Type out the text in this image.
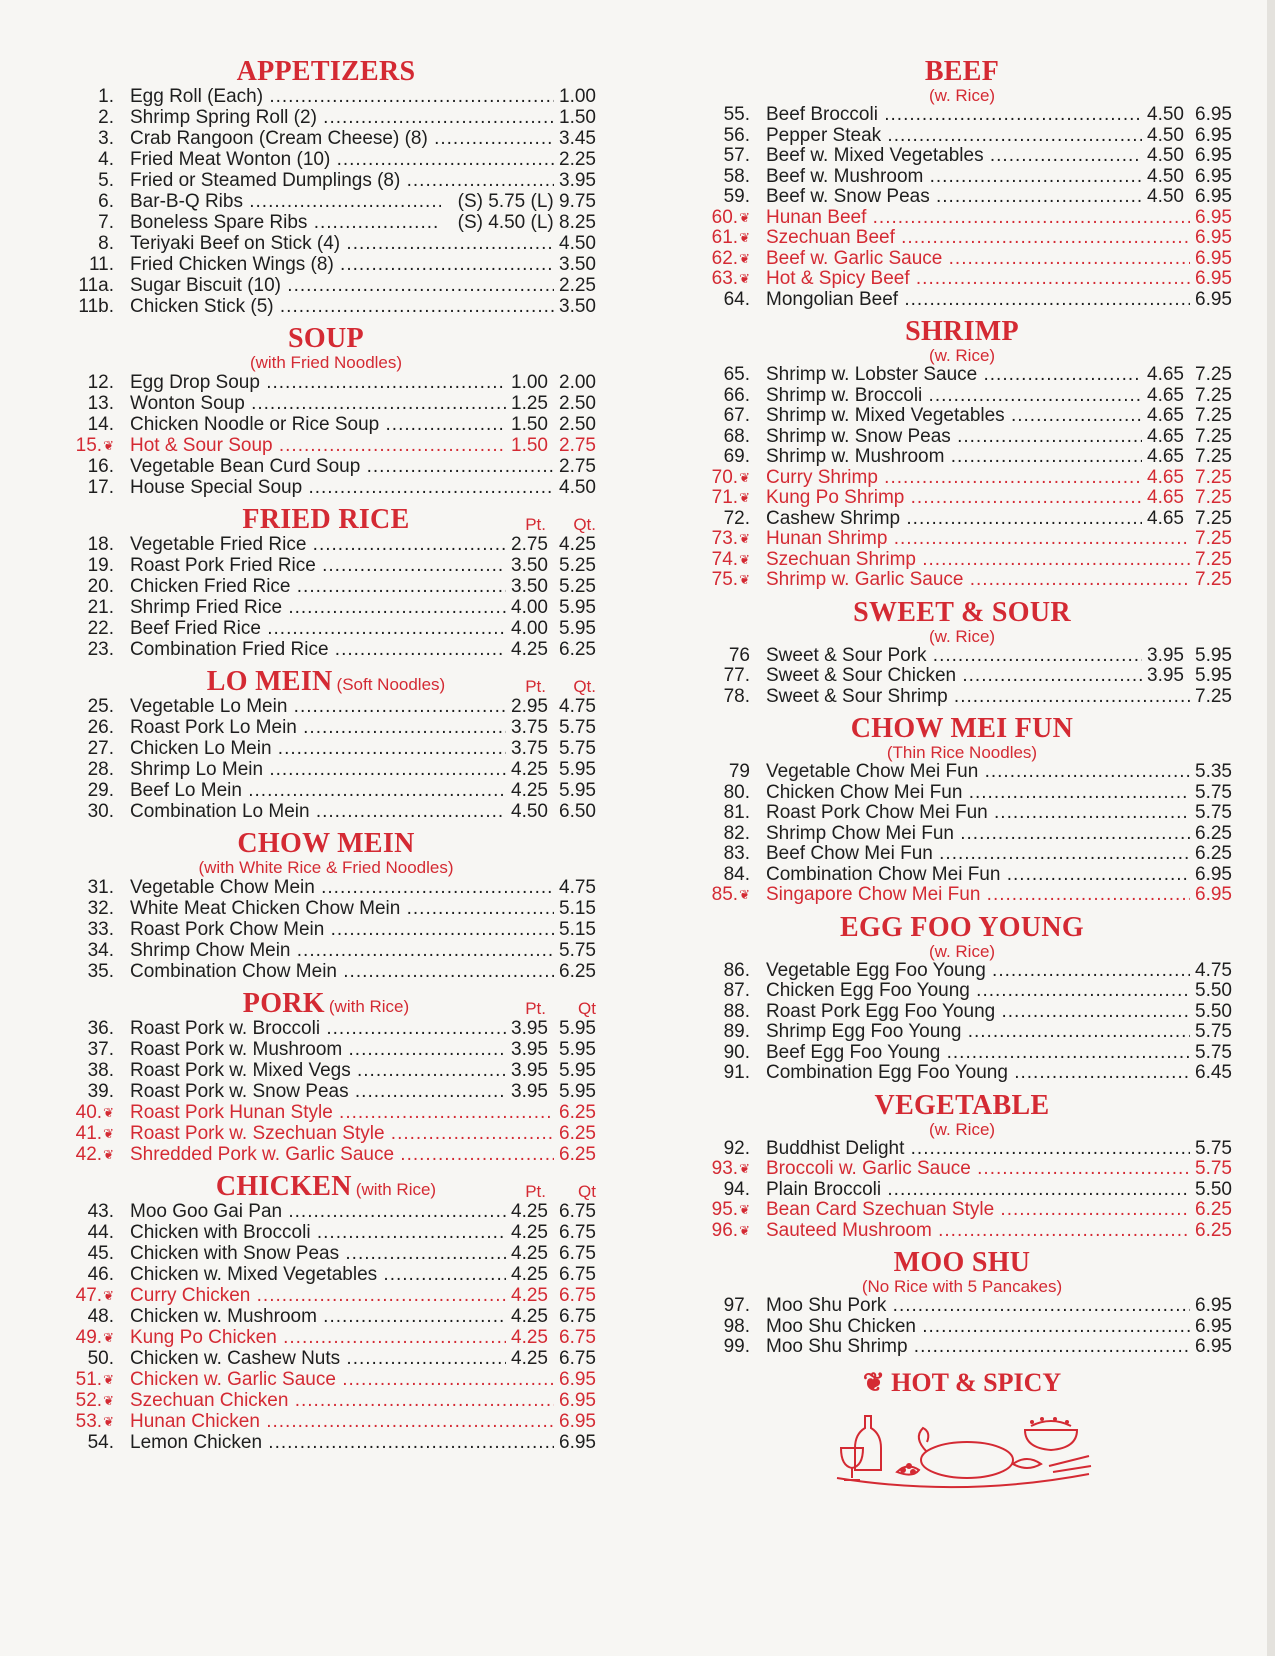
APPETIZERS
1. Egg Roll (Each) .....	1.00
2. Shrimp Spring Roll (2) .....	1.50
3. Crab Rangoon (Cream Cheese) (8) .....	3.45
4. Fried Meat Wonton (10) .....	2.25
5. Fried or Steamed Dumplings (8) .....	3.95
6. Bar-B-Q Ribs .....	(S) 5.75 (L) 9.75
7. Boneless Spare Ribs .....	(S) 4.50 (L) 8.25
8. Teriyaki Beef on Stick (4) .....	4.50
11. Fried Chicken Wings (8) .....	3.50
11a. Sugar Biscuit (10) .....	2.25
11b. Chicken Stick (5) .....	3.50
SOUP
(with Fried Noodles)
12. Egg Drop Soup .....	1.00 2.00
13. Wonton Soup .....	1.25 2.50
14. Chicken Noodle or Rice Soup .....	1.50 2.50
15.❦ Hot & Sour Soup .....	1.50 2.75
16. Vegetable Bean Curd Soup .....	2.75
17. House Special Soup .....	4.50
FRIED RICE	Pt.	Qt.
18. Vegetable Fried Rice .....	2.75 4.25
19. Roast Pork Fried Rice .....	3.50 5.25
20. Chicken Fried Rice .....	3.50 5.25
21. Shrimp Fried Rice .....	4.00 5.95
22. Beef Fried Rice .....	4.00 5.95
23. Combination Fried Rice .....	4.25 6.25
LO MEIN (Soft Noodles)	Pt.	Qt.
25. Vegetable Lo Mein .....	2.95 4.75
26. Roast Pork Lo Mein .....	3.75 5.75
27. Chicken Lo Mein .....	3.75 5.75
28. Shrimp Lo Mein .....	4.25 5.95
29. Beef Lo Mein .....	4.25 5.95
30. Combination Lo Mein .....	4.50 6.50
CHOW MEIN
(with White Rice & Fried Noodles)
31. Vegetable Chow Mein .....	4.75
32. White Meat Chicken Chow Mein .....	5.15
33. Roast Pork Chow Mein .....	5.15
34. Shrimp Chow Mein .....	5.75
35. Combination Chow Mein .....	6.25
PORK (with Rice)	Pt.	Qt
36. Roast Pork w. Broccoli .....	3.95 5.95
37. Roast Pork w. Mushroom .....	3.95 5.95
38. Roast Pork w. Mixed Vegs .....	3.95 5.95
39. Roast Pork w. Snow Peas .....	3.95 5.95
40.❦ Roast Pork Hunan Style .....	6.25
41.❦ Roast Pork w. Szechuan Style .....	6.25
42.❦ Shredded Pork w. Garlic Sauce .....	6.25
CHICKEN (with Rice)	Pt.	Qt
43. Moo Goo Gai Pan .....	4.25 6.75
44. Chicken with Broccoli .....	4.25 6.75
45. Chicken with Snow Peas .....	4.25 6.75
46. Chicken w. Mixed Vegetables .....	4.25 6.75
47.❦ Curry Chicken .....	4.25 6.75
48. Chicken w. Mushroom .....	4.25 6.75
49.❦ Kung Po Chicken .....	4.25 6.75
50. Chicken w. Cashew Nuts .....	4.25 6.75
51.❦ Chicken w. Garlic Sauce .....	6.95
52.❦ Szechuan Chicken .....	6.95
53.❦ Hunan Chicken .....	6.95
54. Lemon Chicken .....	6.95
BEEF
(w. Rice)
55. Beef Broccoli .....	4.50 6.95
56. Pepper Steak .....	4.50 6.95
57. Beef w. Mixed Vegetables .....	4.50 6.95
58. Beef w. Mushroom .....	4.50 6.95
59. Beef w. Snow Peas .....	4.50 6.95
60.❦ Hunan Beef .....	6.95
61.❦ Szechuan Beef .....	6.95
62.❦ Beef w. Garlic Sauce .....	6.95
63.❦ Hot & Spicy Beef .....	6.95
64. Mongolian Beef .....	6.95
SHRIMP
(w. Rice)
65. Shrimp w. Lobster Sauce .....	4.65 7.25
66. Shrimp w. Broccoli .....	4.65 7.25
67. Shrimp w. Mixed Vegetables .....	4.65 7.25
68. Shrimp w. Snow Peas .....	4.65 7.25
69. Shrimp w. Mushroom .....	4.65 7.25
70.❦ Curry Shrimp .....	4.65 7.25
71.❦ Kung Po Shrimp .....	4.65 7.25
72. Cashew Shrimp .....	4.65 7.25
73.❦ Hunan Shrimp .....	7.25
74.❦ Szechuan Shrimp .....	7.25
75.❦ Shrimp w. Garlic Sauce .....	7.25
SWEET & SOUR
(w. Rice)
76 Sweet & Sour Pork .....	3.95 5.95
77. Sweet & Sour Chicken .....	3.95 5.95
78. Sweet & Sour Shrimp .....	7.25
CHOW MEI FUN
(Thin Rice Noodles)
79 Vegetable Chow Mei Fun .....	5.35
80. Chicken Chow Mei Fun .....	5.75
81. Roast Pork Chow Mei Fun .....	5.75
82. Shrimp Chow Mei Fun .....	6.25
83. Beef Chow Mei Fun .....	6.25
84. Combination Chow Mei Fun .....	6.95
85.❦ Singapore Chow Mei Fun .....	6.95
EGG FOO YOUNG
(w. Rice)
86. Vegetable Egg Foo Young .....	4.75
87. Chicken Egg Foo Young .....	5.50
88. Roast Pork Egg Foo Young .....	5.50
89. Shrimp Egg Foo Young .....	5.75
90. Beef Egg Foo Young .....	5.75
91. Combination Egg Foo Young .....	6.45
VEGETABLE
(w. Rice)
92. Buddhist Delight .....	5.75
93.❦ Broccoli w. Garlic Sauce .....	5.75
94. Plain Broccoli .....	5.50
95.❦ Bean Card Szechuan Style .....	6.25
96.❦ Sauteed Mushroom .....	6.25
MOO SHU
(No Rice with 5 Pancakes)
97. Moo Shu Pork .....	6.95
98. Moo Shu Chicken .....	6.95
99. Moo Shu Shrimp .....	6.95
❦ HOT & SPICY
